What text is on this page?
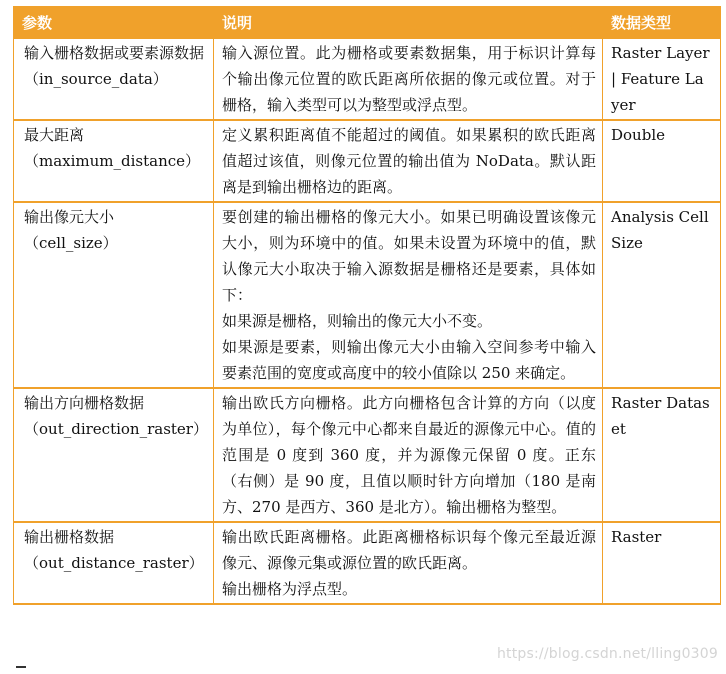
参数	说明	数据类型

输入栅格数据或要素源数据（in_source_data）	输入源位置。此为栅格或要素数据集，用于标识计算每个输出像元位置的欧氏距离所依据的像元或位置。对于栅格，输入类型可以为整型或浮点型。	Raster Layer | Feature Layer

最大距离
（maximum_distance）	定义累积距离值不能超过的阈值。如果累积的欧氏距离值超过该值，则像元位置的输出值为 NoData。默认距离是到输出栅格边的距离。	Double

输出像元大小
（cell_size）	要创建的输出栅格的像元大小。如果已明确设置该像元大小，则为环境中的值。如果未设置为环境中的值，默认像元大小取决于输入源数据是栅格还是要素，具体如下：
如果源是栅格，则输出的像元大小不变。
如果源是要素，则输出像元大小由输入空间参考中输入要素范围的宽度或高度中的较小值除以 250 来确定。	Analysis Cell Size

输出方向栅格数据
（out_direction_raster）	输出欧氏方向栅格。此方向栅格包含计算的方向（以度为单位），每个像元中心都来自最近的源像元中心。值的范围是 0 度到 360 度，并为源像元保留 0 度。正东（右侧）是 90 度，且值以顺时针方向增加（180 是南方、270 是西方、360 是北方）。输出栅格为整型。	Raster Dataset

输出栅格数据
（out_distance_raster）	输出欧氏距离栅格。此距离栅格标识每个像元至最近源像元、源像元集或源位置的欧氏距离。
输出栅格为浮点型。	Raster
https://blog.csdn.net/lling0309
